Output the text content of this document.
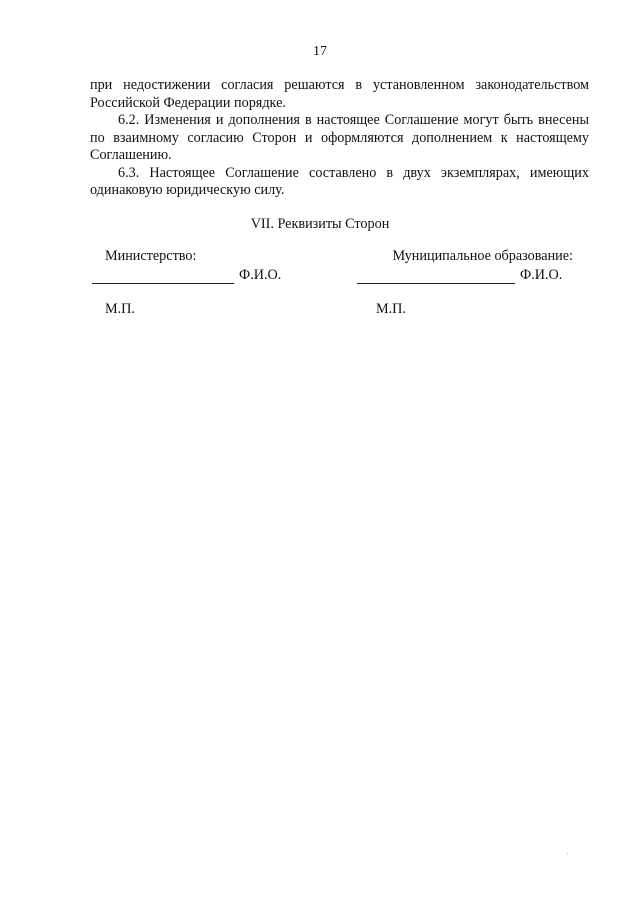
17

при недостижении согласия решаются в установленном законодательством Российской Федерации порядке.

6.2. Изменения и дополнения в настоящее Соглашение могут быть внесены по взаимному согласию Сторон и оформляются дополнением к настоящему Соглашению.

6.3. Настоящее Соглашение составлено в двух экземплярах, имеющих одинаковую юридическую силу.

VII. Реквизиты Сторон
Министерство:
Ф.И.О.
Муниципальное образование:
Ф.И.О.
М.П.	М.П.
